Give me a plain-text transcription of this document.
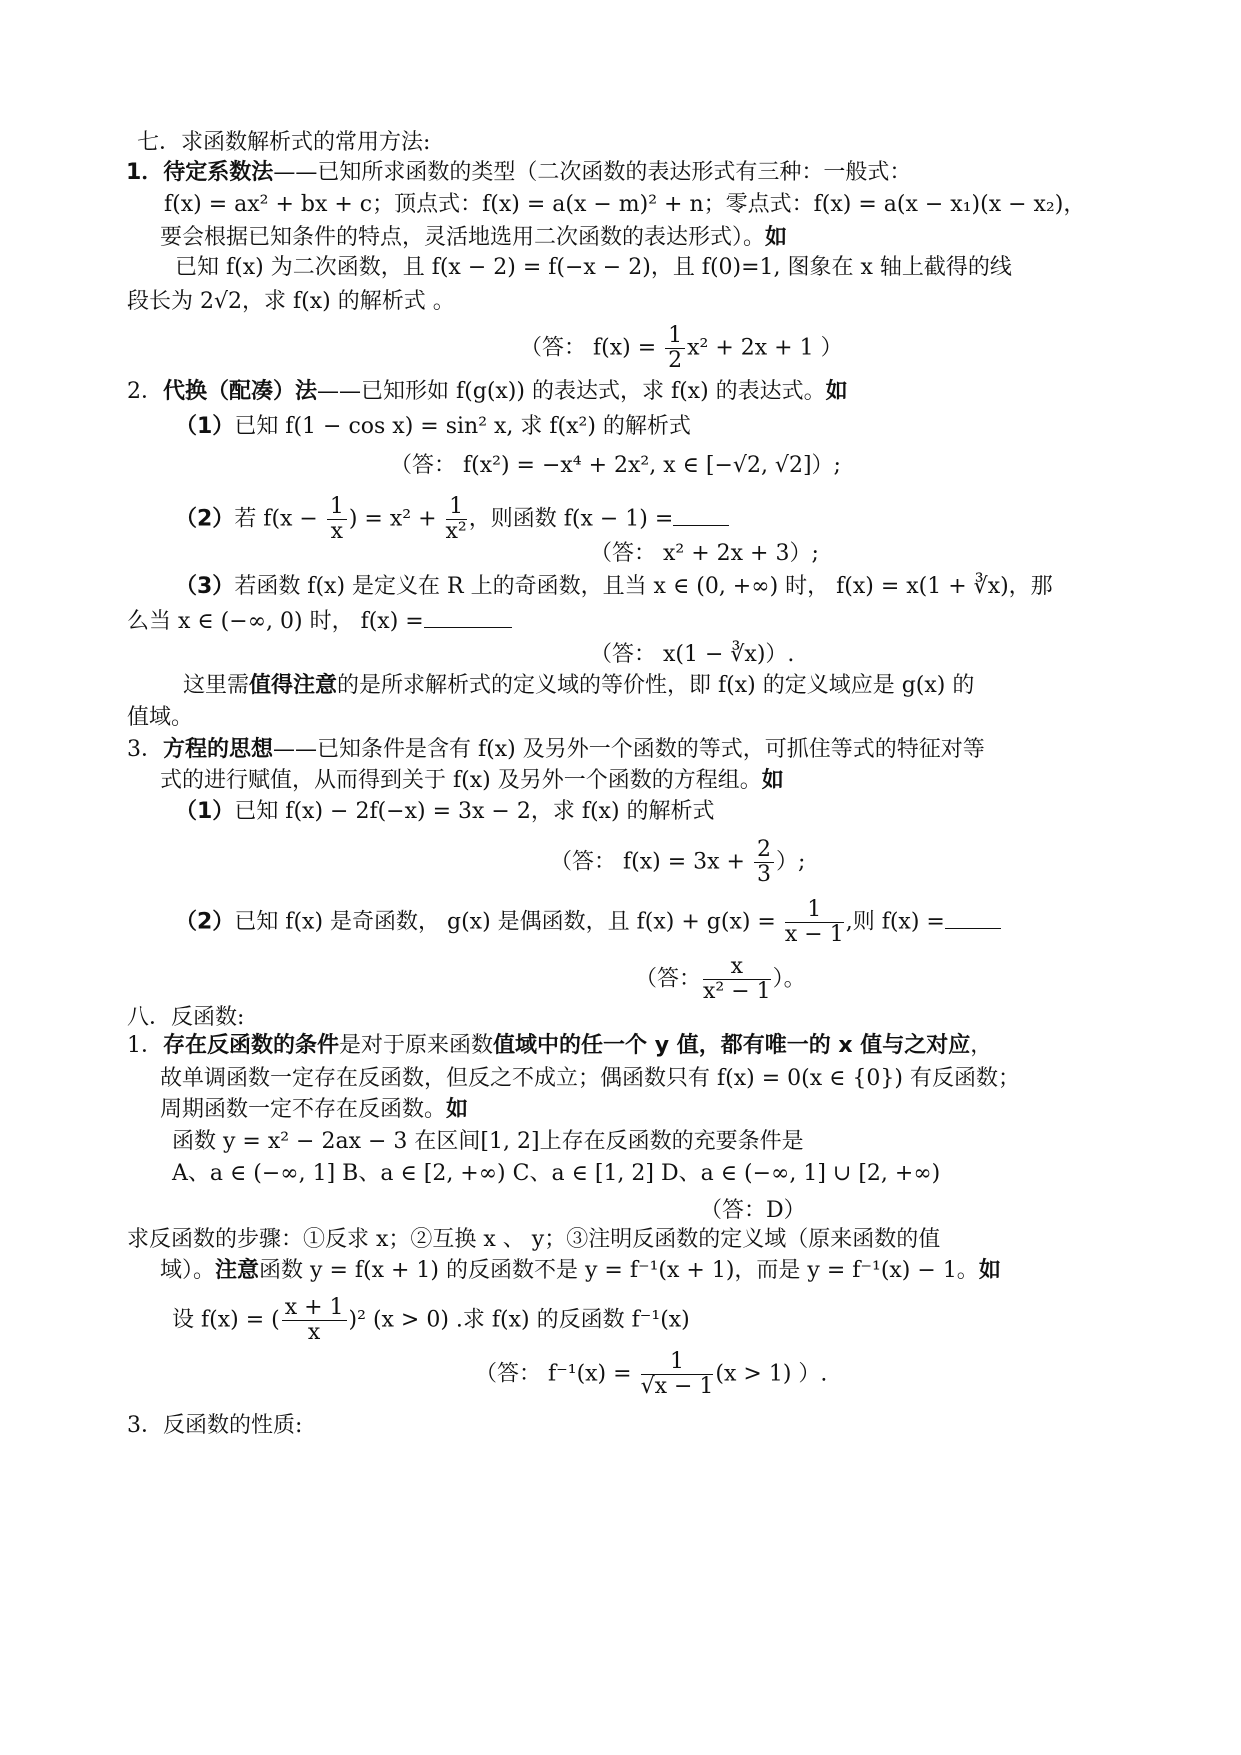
七．求函数解析式的常用方法:
1．待定系数法——已知所求函数的类型（二次函数的表达形式有三种：一般式：
f(x) = ax² + bx + c；顶点式：f(x) = a(x − m)² + n；零点式：f(x) = a(x − x₁)(x − x₂)，
要会根据已知条件的特点，灵活地选用二次函数的表达形式）。如
已知 f(x) 为二次函数，且 f(x − 2) = f(−x − 2)，且 f(0)=1, 图象在 x 轴上截得的线
段长为 2√2，求 f(x) 的解析式 。
（答： $f(x) = \frac{1}{2} x^2 + 2x + 1$ ）
2．代换（配凑）法——已知形如 f(g(x)) 的表达式，求 f(x) 的表达式。如
（1）已知 f(1 − cos x) = sin² x, 求 f(x²) 的解析式
（答： f(x²) = −x⁴ + 2x², x ∈ [−√2, √2]）;
（2）若 $f(x - \frac{1}{x}$ ) = $x^2 + \frac{1}{\text{x²}}$ ，则函数 f(x − 1) =
（答： x² + 2x + 3）;
（3）若函数 f(x) 是定义在 R 上的奇函数，且当 x ∈ (0, +∞) 时， f(x) = x(1 + ∛x)，那
么当 x ∈ (−∞, 0) 时， f(x) =
（答： x(1 − ∛x)）.
这里需值得注意的是所求解析式的定义域的等价性，即 f(x) 的定义域应是 g(x) 的
值域。
3．方程的思想——已知条件是含有 f(x) 及另外一个函数的等式，可抓住等式的特征对等
式的进行赋值，从而得到关于 f(x) 及另外一个函数的方程组。如
（1）已知 f(x) − 2f(−x) = 3x − 2，求 f(x) 的解析式
（答： $f(x) = 3x + \frac{2}{3}$ ）;
（2）已知 f(x) 是奇函数， g(x) 是偶函数，且 $f(x) + g(x) = \frac{1}{x - 1}$ ,则 f(x) =
（答： $\frac{x}{\text{x² − 1}}$ ）。
八．反函数:
1．存在反函数的条件是对于原来函数值域中的任一个 y 值，都有唯一的 x 值与之对应，
故单调函数一定存在反函数，但反之不成立；偶函数只有 f(x) = 0(x ∈ {0}) 有反函数；
周期函数一定不存在反函数。如
函数 y = x² − 2ax − 3 在区间[1, 2]上存在反函数的充要条件是
A、a ∈ (−∞, 1] B、a ∈ [2, +∞) C、a ∈ [1, 2] D、a ∈ (−∞, 1] ∪ [2, +∞)
（答：D）
求反函数的步骤：①反求 x；②互换 x 、 y；③注明反函数的定义域（原来函数的值
域）。注意函数 y = f(x + 1) 的反函数不是 y = f⁻¹(x + 1)，而是 y = f⁻¹(x) − 1。如
设 f(x) = ( $\frac{x + 1}{x} )^2$ (x > 0) .求 f(x) 的反函数 f⁻¹(x)
（答： $f^{-1}(x) = \frac{1}{√x - 1} (x > 1)$ ）.
3．反函数的性质:
